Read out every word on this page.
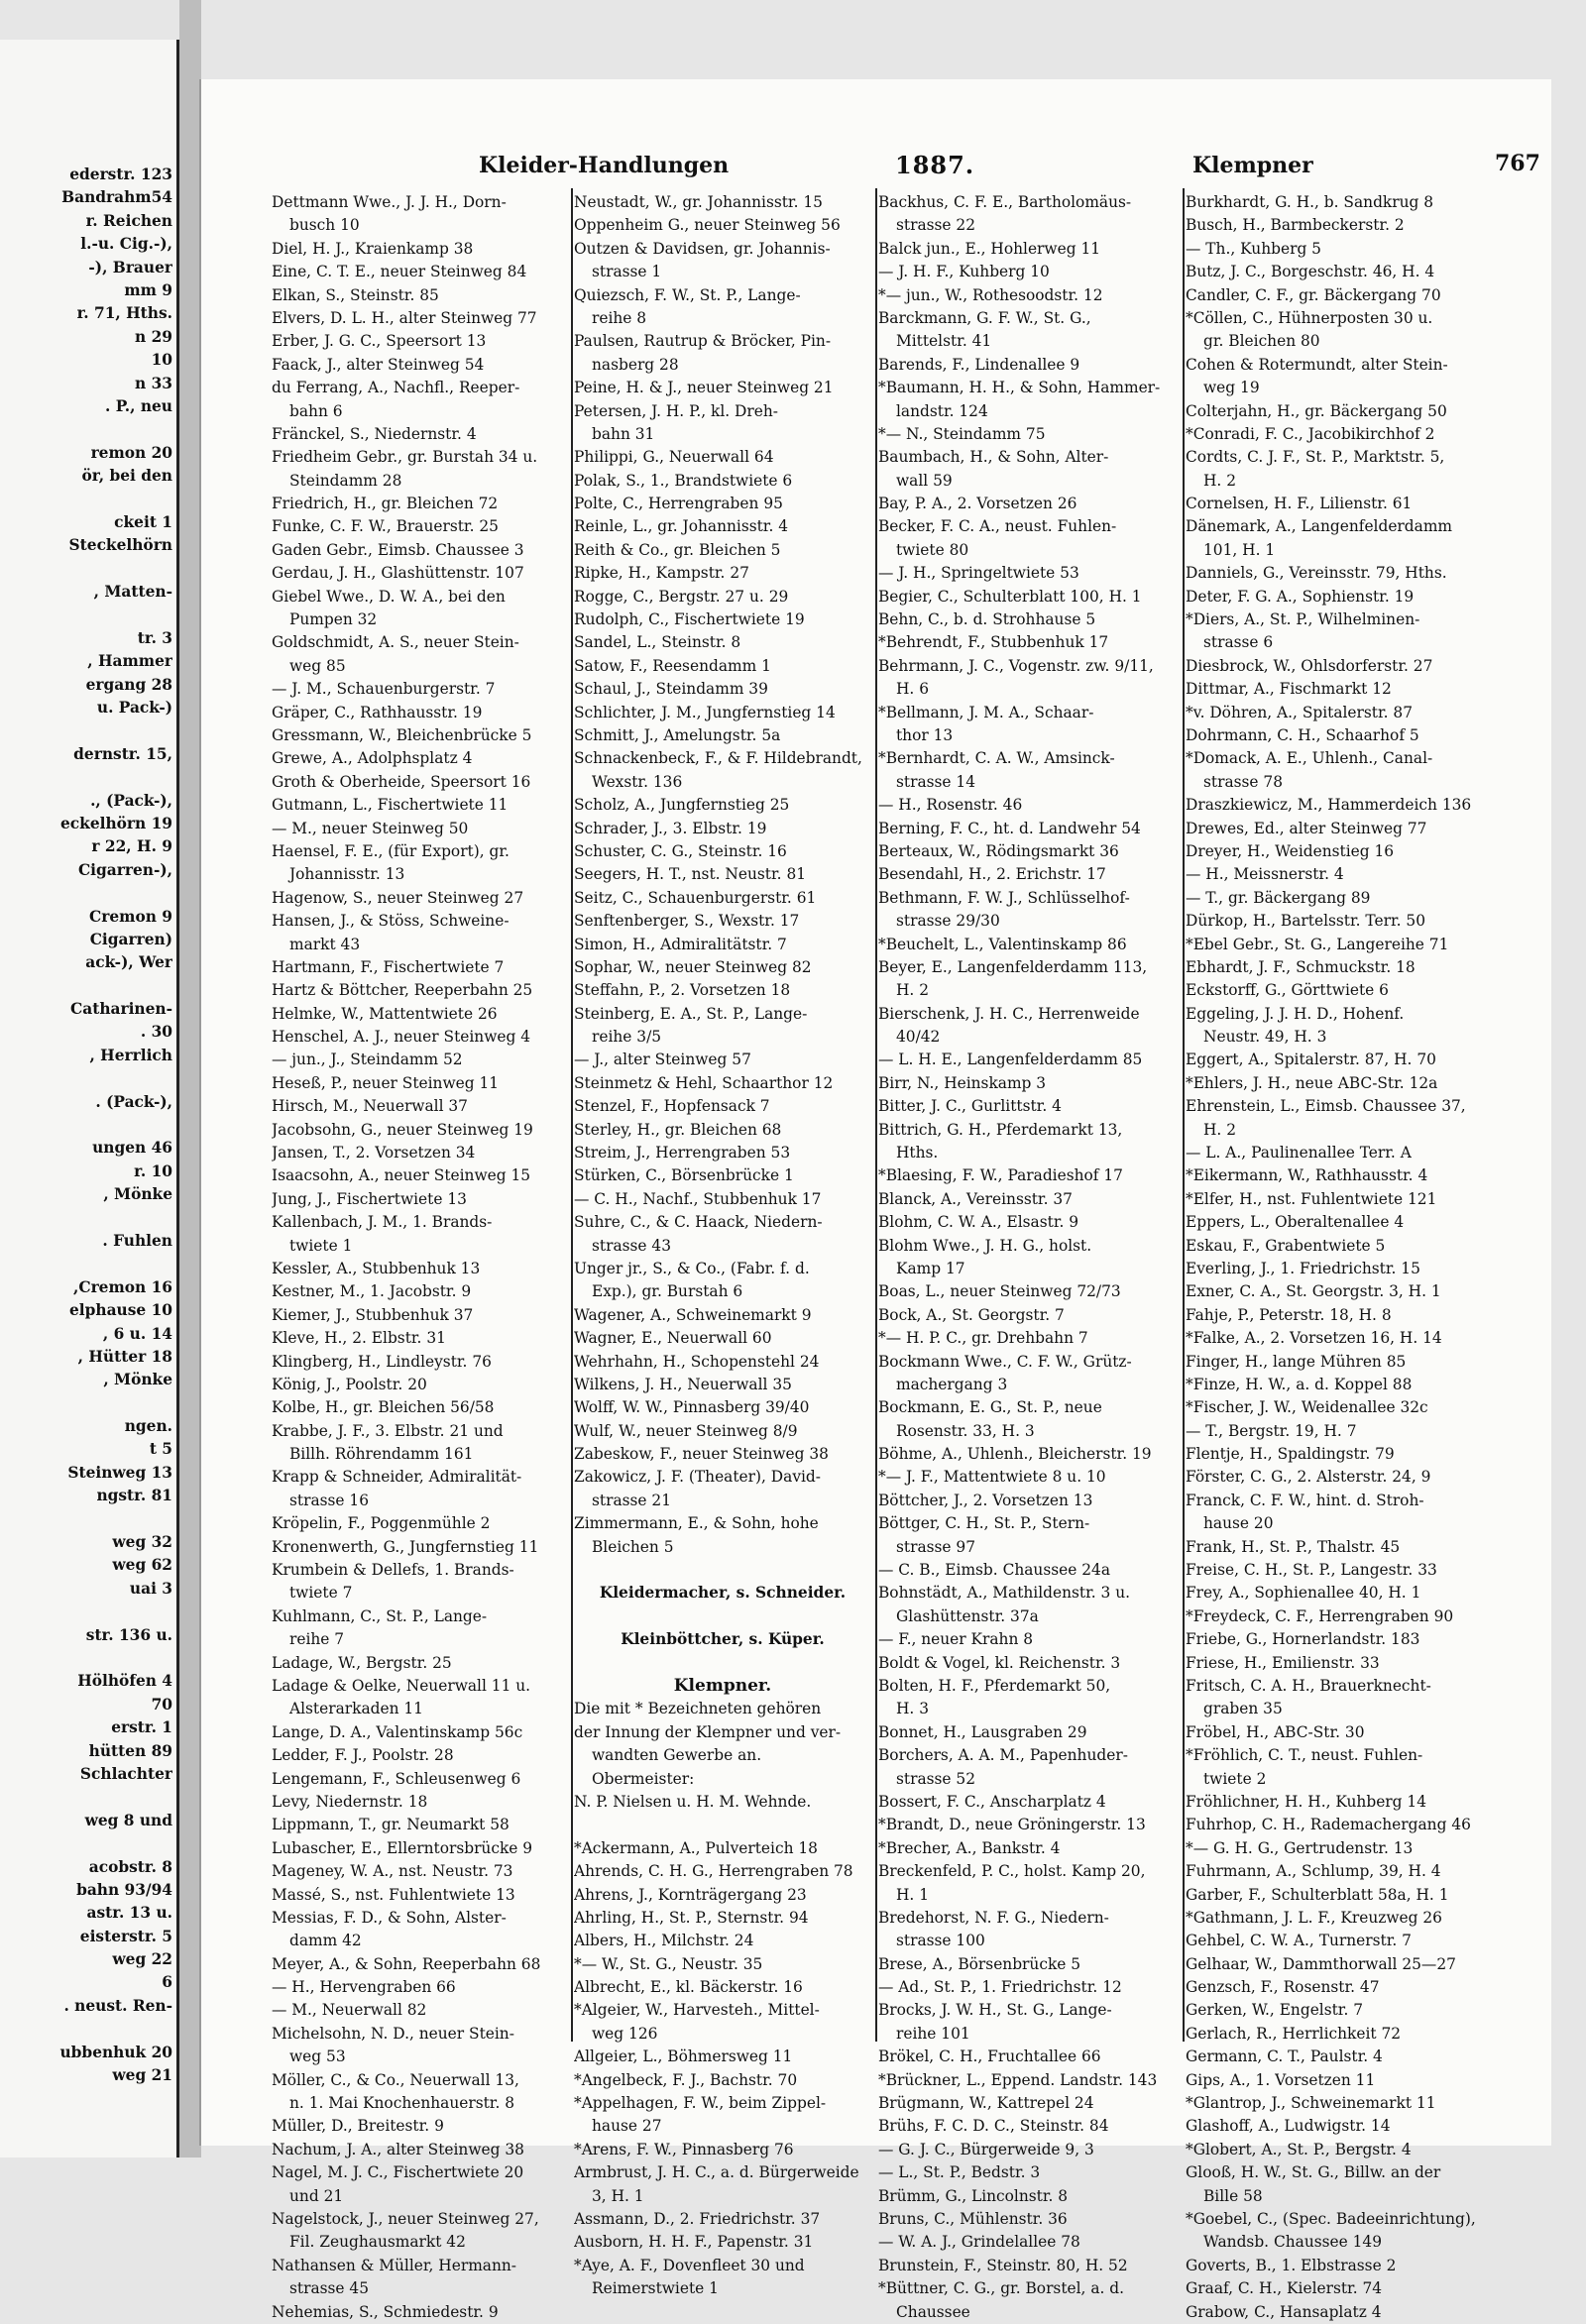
ederstr. 123
Bandrahm54
r. Reichen
l.-u. Cig.-),
-), Brauer
mm 9
r. 71, Hths.
n 29
10
n 33
. P., neu
remon 20
ör, bei den
ckeit 1
Steckelhörn
, Matten-
tr. 3
, Hammer
ergang 28
u. Pack-)
dernstr. 15,
., (Pack-),
eckelhörn 19
r 22, H. 9
Cigarren-),
Cremon 9
Cigarren)
ack-), Wer
Catharinen-
. 30
, Herrlich
. (Pack-),
ungen 46
r. 10
, Mönke
. Fuhlen
,Cremon 16
elphause 10
, 6 u. 14
, Hütter 18
, Mönke
ngen.
t 5
Steinweg 13
ngstr. 81
weg 32
weg 62
uai 3
str. 136 u.
Hölhöfen 4
70
erstr. 1
hütten 89
Schlachter
weg 8 und
acobstr. 8
bahn 93/94
astr. 13 u.
eisterstr. 5
weg 22
6
. neust. Ren-
ubbenhuk 20
weg 21
Kleider-Handlungen	1887.	Klempner	767
Dettmann Wwe., J. J. H., Dorn-
busch 10
Diel, H. J., Kraienkamp 38
Eine, C. T. E., neuer Steinweg 84
Elkan, S., Steinstr. 85
Elvers, D. L. H., alter Steinweg 77
Erber, J. G. C., Speersort 13
Faack, J., alter Steinweg 54
du Ferrang, A., Nachfl., Reeper-
bahn 6
Fränckel, S., Niedernstr. 4
Friedheim Gebr., gr. Burstah 34 u.
Steindamm 28
Friedrich, H., gr. Bleichen 72
Funke, C. F. W., Brauerstr. 25
Gaden Gebr., Eimsb. Chaussee 3
Gerdau, J. H., Glashüttenstr. 107
Giebel Wwe., D. W. A., bei den
Pumpen 32
Goldschmidt, A. S., neuer Stein-
weg 85
— J. M., Schauenburgerstr. 7
Gräper, C., Rathhausstr. 19
Gressmann, W., Bleichenbrücke 5
Grewe, A., Adolphsplatz 4
Groth & Oberheide, Speersort 16
Gutmann, L., Fischertwiete 11
— M., neuer Steinweg 50
Haensel, F. E., (für Export), gr.
Johannisstr. 13
Hagenow, S., neuer Steinweg 27
Hansen, J., & Stöss, Schweine-
markt 43
Hartmann, F., Fischertwiete 7
Hartz & Böttcher, Reeperbahn 25
Helmke, W., Mattentwiete 26
Henschel, A. J., neuer Steinweg 4
— jun., J., Steindamm 52
Heseß, P., neuer Steinweg 11
Hirsch, M., Neuerwall 37
Jacobsohn, G., neuer Steinweg 19
Jansen, T., 2. Vorsetzen 34
Isaacsohn, A., neuer Steinweg 15
Jung, J., Fischertwiete 13
Kallenbach, J. M., 1. Brands-
twiete 1
Kessler, A., Stubbenhuk 13
Kestner, M., 1. Jacobstr. 9
Kiemer, J., Stubbenhuk 37
Kleve, H., 2. Elbstr. 31
Klingberg, H., Lindleystr. 76
König, J., Poolstr. 20
Kolbe, H., gr. Bleichen 56/58
Krabbe, J. F., 3. Elbstr. 21 und
Billh. Röhrendamm 161
Krapp & Schneider, Admiralität-
strasse 16
Kröpelin, F., Poggenmühle 2
Kronenwerth, G., Jungfernstieg 11
Krumbein & Dellefs, 1. Brands-
twiete 7
Kuhlmann, C., St. P., Lange-
reihe 7
Ladage, W., Bergstr. 25
Ladage & Oelke, Neuerwall 11 u.
Alsterarkaden 11
Lange, D. A., Valentinskamp 56c
Ledder, F. J., Poolstr. 28
Lengemann, F., Schleusenweg 6
Levy, Niedernstr. 18
Lippmann, T., gr. Neumarkt 58
Lubascher, E., Ellerntorsbrücke 9
Mageney, W. A., nst. Neustr. 73
Massé, S., nst. Fuhlentwiete 13
Messias, F. D., & Sohn, Alster-
damm 42
Meyer, A., & Sohn, Reeperbahn 68
— H., Hervengraben 66
— M., Neuerwall 82
Michelsohn, N. D., neuer Stein-
weg 53
Möller, C., & Co., Neuerwall 13,
n. 1. Mai Knochenhauerstr. 8
Müller, D., Breitestr. 9
Nachum, J. A., alter Steinweg 38
Nagel, M. J. C., Fischertwiete 20
und 21
Nagelstock, J., neuer Steinweg 27,
Fil. Zeughausmarkt 42
Nathansen & Müller, Hermann-
strasse 45
Nehemias, S., Schmiedestr. 9
Neustadt, W., gr. Johannisstr. 15
Oppenheim G., neuer Steinweg 56
Outzen & Davidsen, gr. Johannis-
strasse 1
Quiezsch, F. W., St. P., Lange-
reihe 8
Paulsen, Rautrup & Bröcker, Pin-
nasberg 28
Peine, H. & J., neuer Steinweg 21
Petersen, J. H. P., kl. Dreh-
bahn 31
Philippi, G., Neuerwall 64
Polak, S., 1., Brandstwiete 6
Polte, C., Herrengraben 95
Reinle, L., gr. Johannisstr. 4
Reith & Co., gr. Bleichen 5
Ripke, H., Kampstr. 27
Rogge, C., Bergstr. 27 u. 29
Rudolph, C., Fischertwiete 19
Sandel, L., Steinstr. 8
Satow, F., Reesendamm 1
Schaul, J., Steindamm 39
Schlichter, J. M., Jungfernstieg 14
Schmitt, J., Amelungstr. 5a
Schnackenbeck, F., & F. Hildebrandt,
Wexstr. 136
Scholz, A., Jungfernstieg 25
Schrader, J., 3. Elbstr. 19
Schuster, C. G., Steinstr. 16
Seegers, H. T., nst. Neustr. 81
Seitz, C., Schauenburgerstr. 61
Senftenberger, S., Wexstr. 17
Simon, H., Admiralitätstr. 7
Sophar, W., neuer Steinweg 82
Steffahn, P., 2. Vorsetzen 18
Steinberg, E. A., St. P., Lange-
reihe 3/5
— J., alter Steinweg 57
Steinmetz & Hehl, Schaarthor 12
Stenzel, F., Hopfensack 7
Sterley, H., gr. Bleichen 68
Streim, J., Herrengraben 53
Stürken, C., Börsenbrücke 1
— C. H., Nachf., Stubbenhuk 17
Suhre, C., & C. Haack, Niedern-
strasse 43
Unger jr., S., & Co., (Fabr. f. d.
Exp.), gr. Burstah 6
Wagener, A., Schweinemarkt 9
Wagner, E., Neuerwall 60
Wehrhahn, H., Schopenstehl 24
Wilkens, J. H., Neuerwall 35
Wolff, W. W., Pinnasberg 39/40
Wulf, W., neuer Steinweg 8/9
Zabeskow, F., neuer Steinweg 38
Zakowicz, J. F. (Theater), David-
strasse 21
Zimmermann, E., & Sohn, hohe
Bleichen 5
Kleidermacher, s. Schneider.
Kleinböttcher, s. Küper.
Klempner.
Die mit * Bezeichneten gehören
der Innung der Klempner und ver-
wandten Gewerbe an.
Obermeister:
N. P. Nielsen u. H. M. Wehnde.
*Ackermann, A., Pulverteich 18
Ahrends, C. H. G., Herrengraben 78
Ahrens, J., Kornträgergang 23
Ahrling, H., St. P., Sternstr. 94
Albers, H., Milchstr. 24
*— W., St. G., Neustr. 35
Albrecht, E., kl. Bäckerstr. 16
*Algeier, W., Harvesteh., Mittel-
weg 126
Allgeier, L., Böhmersweg 11
*Angelbeck, F. J., Bachstr. 70
*Appelhagen, F. W., beim Zippel-
hause 27
*Arens, F. W., Pinnasberg 76
Armbrust, J. H. C., a. d. Bürgerweide
3, H. 1
Assmann, D., 2. Friedrichstr. 37
Ausborn, H. H. F., Papenstr. 31
*Aye, A. F., Dovenfleet 30 und
Reimerstwiete 1
Backhus, C. F. E., Bartholomäus-
strasse 22
Balck jun., E., Hohlerweg 11
— J. H. F., Kuhberg 10
*— jun., W., Rothesoodstr. 12
Barckmann, G. F. W., St. G.,
Mittelstr. 41
Barends, F., Lindenallee 9
*Baumann, H. H., & Sohn, Hammer-
landstr. 124
*— N., Steindamm 75
Baumbach, H., & Sohn, Alter-
wall 59
Bay, P. A., 2. Vorsetzen 26
Becker, F. C. A., neust. Fuhlen-
twiete 80
— J. H., Springeltwiete 53
Begier, C., Schulterblatt 100, H. 1
Behn, C., b. d. Strohhause 5
*Behrendt, F., Stubbenhuk 17
Behrmann, J. C., Vogenstr. zw. 9/11,
H. 6
*Bellmann, J. M. A., Schaar-
thor 13
*Bernhardt, C. A. W., Amsinck-
strasse 14
— H., Rosenstr. 46
Berning, F. C., ht. d. Landwehr 54
Berteaux, W., Rödingsmarkt 36
Besendahl, H., 2. Erichstr. 17
Bethmann, F. W. J., Schlüsselhof-
strasse 29/30
*Beuchelt, L., Valentinskamp 86
Beyer, E., Langenfelderdamm 113,
H. 2
Bierschenk, J. H. C., Herrenweide
40/42
— L. H. E., Langenfelderdamm 85
Birr, N., Heinskamp 3
Bitter, J. C., Gurlittstr. 4
Bittrich, G. H., Pferdemarkt 13,
Hths.
*Blaesing, F. W., Paradieshof 17
Blanck, A., Vereinsstr. 37
Blohm, C. W. A., Elsastr. 9
Blohm Wwe., J. H. G., holst.
Kamp 17
Boas, L., neuer Steinweg 72/73
Bock, A., St. Georgstr. 7
*— H. P. C., gr. Drehbahn 7
Bockmann Wwe., C. F. W., Grütz-
machergang 3
Bockmann, E. G., St. P., neue
Rosenstr. 33, H. 3
Böhme, A., Uhlenh., Bleicherstr. 19
*— J. F., Mattentwiete 8 u. 10
Böttcher, J., 2. Vorsetzen 13
Böttger, C. H., St. P., Stern-
strasse 97
— C. B., Eimsb. Chaussee 24a
Bohnstädt, A., Mathildenstr. 3 u.
Glashüttenstr. 37a
— F., neuer Krahn 8
Boldt & Vogel, kl. Reichenstr. 3
Bolten, H. F., Pferdemarkt 50,
H. 3
Bonnet, H., Lausgraben 29
Borchers, A. A. M., Papenhuder-
strasse 52
Bossert, F. C., Anscharplatz 4
*Brandt, D., neue Gröningerstr. 13
*Brecher, A., Bankstr. 4
Breckenfeld, P. C., holst. Kamp 20,
H. 1
Bredehorst, N. F. G., Niedern-
strasse 100
Brese, A., Börsenbrücke 5
— Ad., St. P., 1. Friedrichstr. 12
Brocks, J. W. H., St. G., Lange-
reihe 101
Brökel, C. H., Fruchtallee 66
*Brückner, L., Eppend. Landstr. 143
Brügmann, W., Kattrepel 24
Brühs, F. C. D. C., Steinstr. 84
— G. J. C., Bürgerweide 9, 3
— L., St. P., Bedstr. 3
Brümm, G., Lincolnstr. 8
Bruns, C., Mühlenstr. 36
— W. A. J., Grindelallee 78
Brunstein, F., Steinstr. 80, H. 52
*Büttner, C. G., gr. Borstel, a. d.
Chaussee
Burkhardt, G. H., b. Sandkrug 8
Busch, H., Barmbeckerstr. 2
— Th., Kuhberg 5
Butz, J. C., Borgeschstr. 46, H. 4
Candler, C. F., gr. Bäckergang 70
*Cöllen, C., Hühnerposten 30 u.
gr. Bleichen 80
Cohen & Rotermundt, alter Stein-
weg 19
Colterjahn, H., gr. Bäckergang 50
*Conradi, F. C., Jacobikirchhof 2
Cordts, C. J. F., St. P., Marktstr. 5,
H. 2
Cornelsen, H. F., Lilienstr. 61
Dänemark, A., Langenfelderdamm
101, H. 1
Danniels, G., Vereinsstr. 79, Hths.
Deter, F. G. A., Sophienstr. 19
*Diers, A., St. P., Wilhelminen-
strasse 6
Diesbrock, W., Ohlsdorferstr. 27
Dittmar, A., Fischmarkt 12
*v. Döhren, A., Spitalerstr. 87
Dohrmann, C. H., Schaarhof 5
*Domack, A. E., Uhlenh., Canal-
strasse 78
Draszkiewicz, M., Hammerdeich 136
Drewes, Ed., alter Steinweg 77
Dreyer, H., Weidenstieg 16
— H., Meissnerstr. 4
— T., gr. Bäckergang 89
Dürkop, H., Bartelsstr. Terr. 50
*Ebel Gebr., St. G., Langereihe 71
Ebhardt, J. F., Schmuckstr. 18
Eckstorff, G., Görttwiete 6
Eggeling, J. J. H. D., Hohenf.
Neustr. 49, H. 3
Eggert, A., Spitalerstr. 87, H. 70
*Ehlers, J. H., neue ABC-Str. 12a
Ehrenstein, L., Eimsb. Chaussee 37,
H. 2
— L. A., Paulinenallee Terr. A
*Eikermann, W., Rathhausstr. 4
*Elfer, H., nst. Fuhlentwiete 121
Eppers, L., Oberaltenallee 4
Eskau, F., Grabentwiete 5
Everling, J., 1. Friedrichstr. 15
Exner, C. A., St. Georgstr. 3, H. 1
Fahje, P., Peterstr. 18, H. 8
*Falke, A., 2. Vorsetzen 16, H. 14
Finger, H., lange Mühren 85
*Finze, H. W., a. d. Koppel 88
*Fischer, J. W., Weidenallee 32c
— T., Bergstr. 19, H. 7
Flentje, H., Spaldingstr. 79
Förster, C. G., 2. Alsterstr. 24, 9
Franck, C. F. W., hint. d. Stroh-
hause 20
Frank, H., St. P., Thalstr. 45
Freise, C. H., St. P., Langestr. 33
Frey, A., Sophienallee 40, H. 1
*Freydeck, C. F., Herrengraben 90
Friebe, G., Hornerlandstr. 183
Friese, H., Emilienstr. 33
Fritsch, C. A. H., Brauerknecht-
graben 35
Fröbel, H., ABC-Str. 30
*Fröhlich, C. T., neust. Fuhlen-
twiete 2
Fröhlichner, H. H., Kuhberg 14
Fuhrhop, C. H., Rademachergang 46
*— G. H. G., Gertrudenstr. 13
Fuhrmann, A., Schlump, 39, H. 4
Garber, F., Schulterblatt 58a, H. 1
*Gathmann, J. L. F., Kreuzweg 26
Gehbel, C. W. A., Turnerstr. 7
Gelhaar, W., Dammthorwall 25—27
Genzsch, F., Rosenstr. 47
Gerken, W., Engelstr. 7
Gerlach, R., Herrlichkeit 72
Germann, C. T., Paulstr. 4
Gips, A., 1. Vorsetzen 11
*Glantrop, J., Schweinemarkt 11
Glashoff, A., Ludwigstr. 14
*Globert, A., St. P., Bergstr. 4
Glooß, H. W., St. G., Billw. an der
Bille 58
*Goebel, C., (Spec. Badeeinrichtung),
Wandsb. Chaussee 149
Goverts, B., 1. Elbstrasse 2
Graaf, C. H., Kielerstr. 74
Grabow, C., Hansaplatz 4
